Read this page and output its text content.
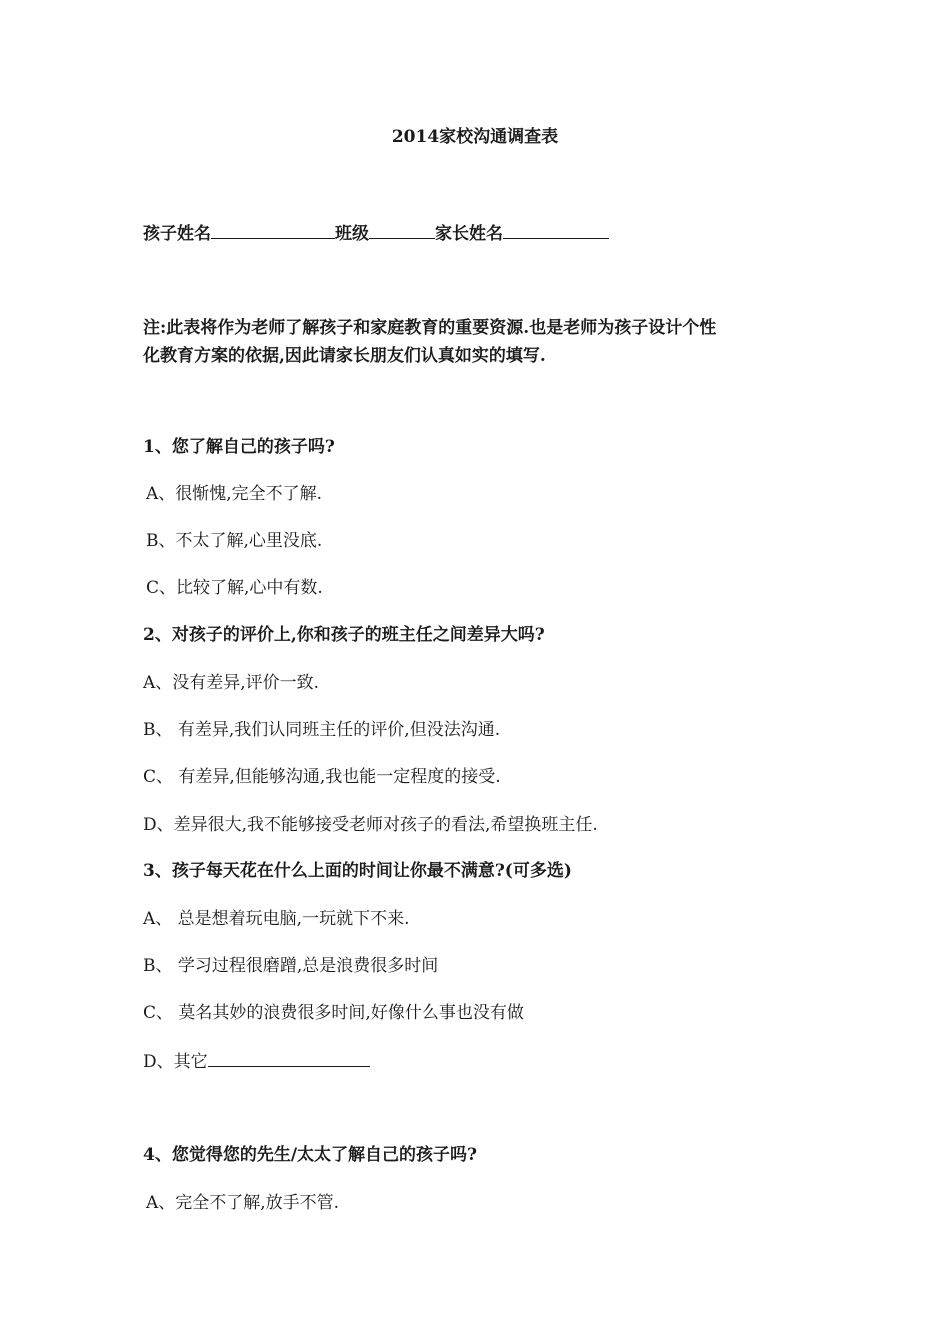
2014家校沟通调查表
孩子姓名	班级	家长姓名
注:此表将作为老师了解孩子和家庭教育的重要资源.也是老师为孩子设计个性
化教育方案的依据,因此请家长朋友们认真如实的填写.
1、您了解自己的孩子吗?
A、很惭愧,完全不了解.
B、不太了解,心里没底.
C、比较了解,心中有数.
2、对孩子的评价上,你和孩子的班主任之间差异大吗?
A、没有差异,评价一致.
B、 有差异,我们认同班主任的评价,但没法沟通.
C、 有差异,但能够沟通,我也能一定程度的接受.
D、差异很大,我不能够接受老师对孩子的看法,希望换班主任.
3、孩子每天花在什么上面的时间让你最不满意?(可多选)
A、 总是想着玩电脑,一玩就下不来.
B、 学习过程很磨蹭,总是浪费很多时间
C、 莫名其妙的浪费很多时间,好像什么事也没有做
D、其它
4、您觉得您的先生/太太了解自己的孩子吗?
A、完全不了解,放手不管.
